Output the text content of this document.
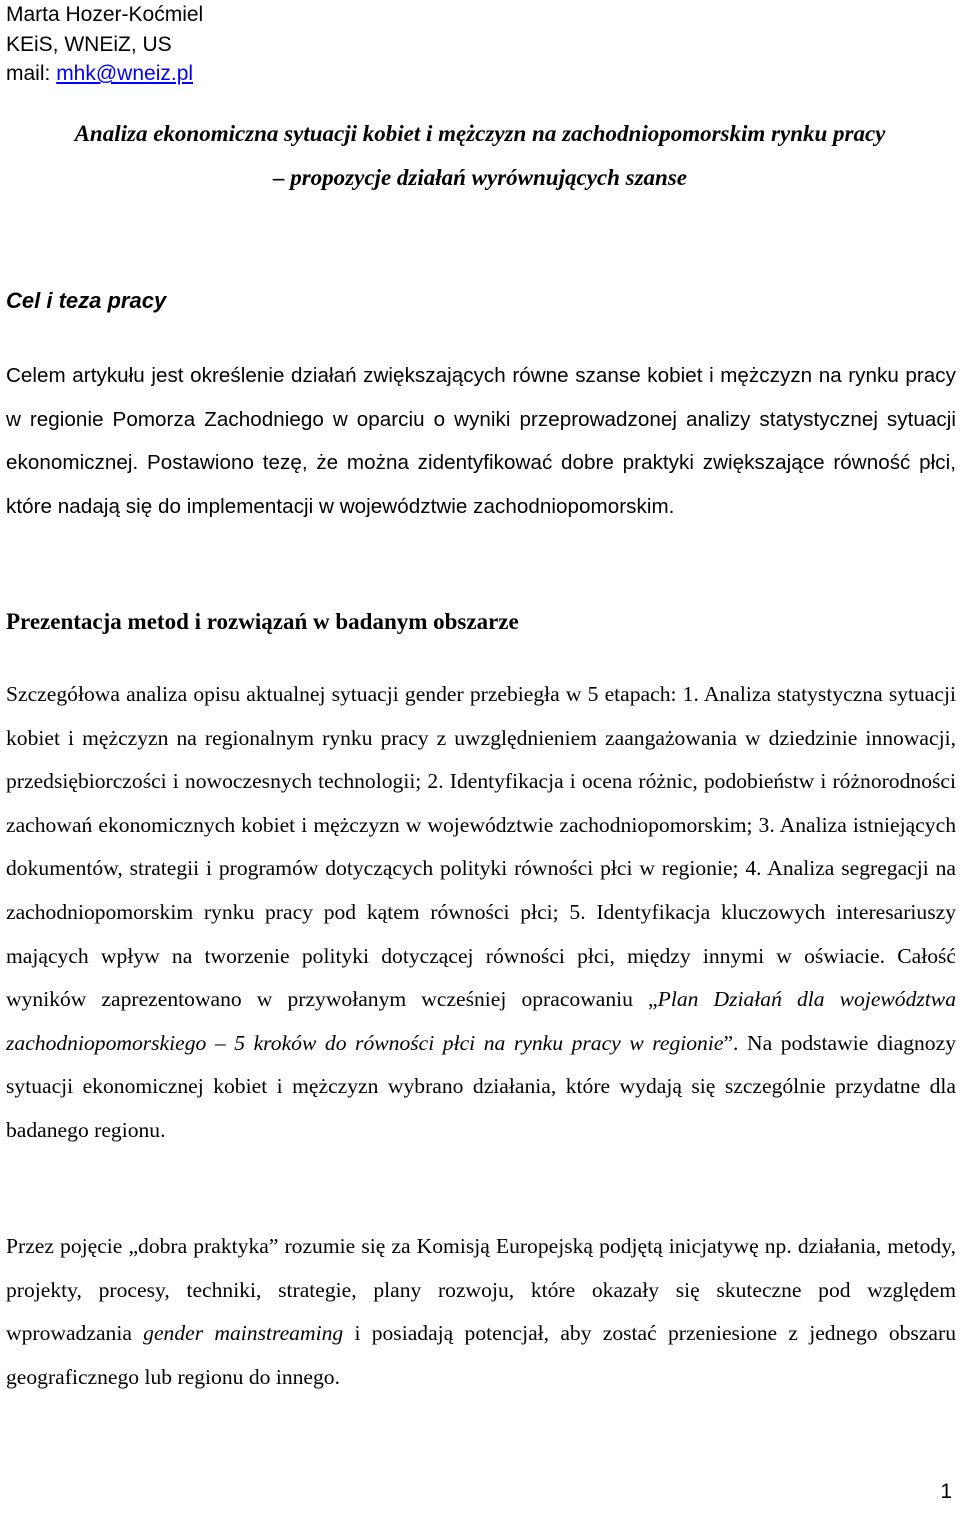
Marta Hozer-Koćmiel
KEiS, WNEiZ, US
mail: mhk@wneiz.pl
Analiza ekonomiczna sytuacji kobiet i mężczyzn na zachodniopomorskim rynku pracy
– propozycje działań wyrównujących szanse
Cel i teza pracy
Celem artykułu jest określenie działań zwiększających równe szanse kobiet i mężczyzn na rynku pracy w regionie Pomorza Zachodniego w oparciu o wyniki przeprowadzonej analizy statystycznej sytuacji ekonomicznej. Postawiono tezę, że można zidentyfikować dobre praktyki zwiększające równość płci, które nadają się do implementacji w województwie zachodniopomorskim.
Prezentacja metod i rozwiązań w badanym obszarze
Szczegółowa analiza opisu aktualnej sytuacji gender przebiegła w 5 etapach: 1. Analiza statystyczna sytuacji kobiet i mężczyzn na regionalnym rynku pracy z uwzględnieniem zaangażowania w dziedzinie innowacji, przedsiębiorczości i nowoczesnych technologii; 2. Identyfikacja i ocena różnic, podobieństw i różnorodności zachowań ekonomicznych kobiet i mężczyzn w województwie zachodniopomorskim; 3. Analiza istniejących dokumentów, strategii i programów dotyczących polityki równości płci w regionie; 4. Analiza segregacji na zachodniopomorskim rynku pracy pod kątem równości płci; 5. Identyfikacja kluczowych interesariuszy mających wpływ na tworzenie polityki dotyczącej równości płci, między innymi w oświacie. Całość wyników zaprezentowano w przywołanym wcześniej opracowaniu „Plan Działań dla województwa zachodniopomorskiego – 5 kroków do równości płci na rynku pracy w regionie”. Na podstawie diagnozy sytuacji ekonomicznej kobiet i mężczyzn wybrano działania, które wydają się szczególnie przydatne dla badanego regionu.
Przez pojęcie „dobra praktyka” rozumie się za Komisją Europejską podjętą inicjatywę np. działania, metody, projekty, procesy, techniki, strategie, plany rozwoju, które okazały się skuteczne pod względem wprowadzania gender mainstreaming i posiadają potencjał, aby zostać przeniesione z jednego obszaru geograficznego lub regionu do innego.
1
